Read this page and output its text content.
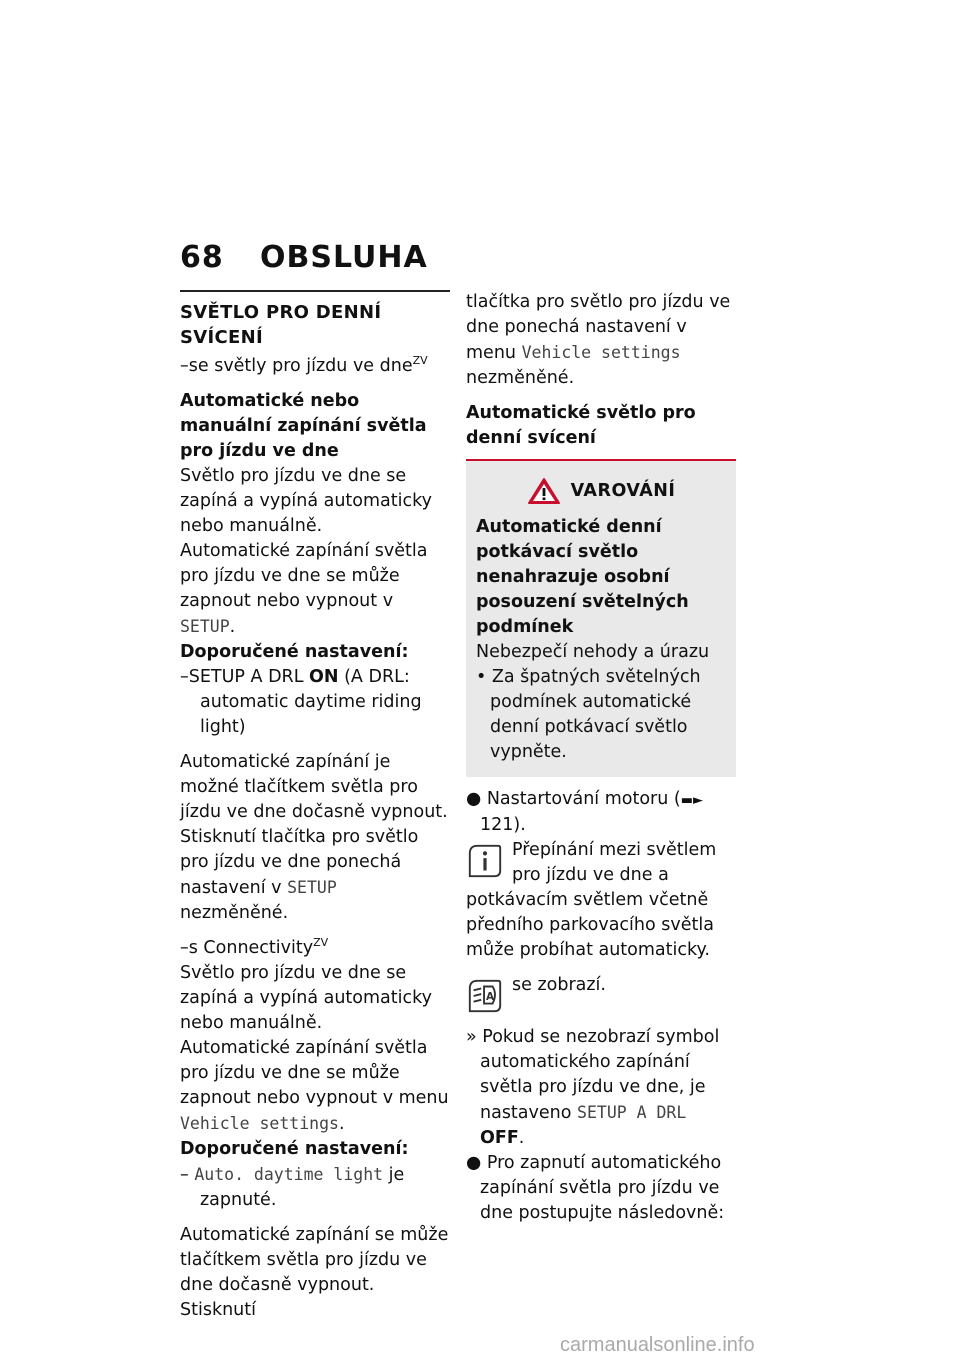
68 OBSLUHA
SVĚTLO PRO DENNÍ SVÍCENÍ

–se světly pro jízdu ve dne$^{ZV}$

Automatické nebo manuální zapínání světla pro jízdu ve dne

Světlo pro jízdu ve dne se zapíná a vypíná automaticky nebo manuálně.

Automatické zapínání světla pro jízdu ve dne se může zapnout nebo vypnout v SETUP.

Doporučené nastavení:

–SETUP A DRL ON (A DRL: automatic daytime riding light)

Automatické zapínání je možné tlačítkem světla pro jízdu ve dne dočasně vypnout. Stisknutí tlačítka pro světlo pro jízdu ve dne ponechá nastavení v SETUP nezměněné.

–s Connectivity$^{ZV}$

Světlo pro jízdu ve dne se zapíná a vypíná automaticky nebo manuálně.

Automatické zapínání světla pro jízdu ve dne se může zapnout nebo vypnout v menu Vehicle settings.

Doporučené nastavení:

– Auto. daytime light je zapnuté.

Automatické zapínání se může tlačítkem světla pro jízdu ve dne dočasně vypnout. Stisknutí

tlačítka pro světlo pro jízdu ve dne ponechá nastavení v menu Vehicle settings nezměněné.

Automatické světlo pro denní svícení

VAROVÁNÍ

Automatické denní potkávací světlo nenahrazuje osobní posouzení světelných podmínek

Nebezpečí nehody a úrazu

• Za špatných světelných podmínek automatické denní potkávací světlo vypněte.

● Nastartování motoru (▬► 121).

Přepínání mezi světlem pro jízdu ve dne a potkávacím světlem včetně předního parkovacího světla může probíhat automaticky.

A

se zobrazí.

» Pokud se nezobrazí symbol automatického zapínání světla pro jízdu ve dne, je nastaveno SETUP A DRL OFF.

● Pro zapnutí automatického zapínání světla pro jízdu ve dne postupujte následovně:

carmanualsonline.info
